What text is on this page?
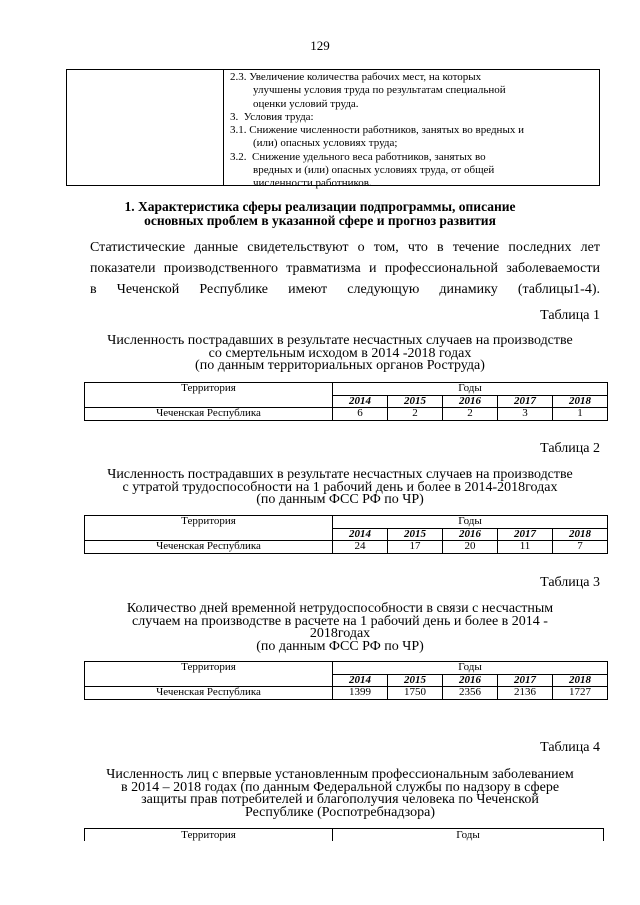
129
2.3. Увеличение количества рабочих мест, на которых
улучшены условия труда по результатам специальной
оценки условий труда.
3. Условия труда:
3.1. Снижение численности работников, занятых во вредных и
(или) опасных условиях труда;
3.2. Снижение удельного веса работников, занятых во
вредных и (или) опасных условиях труда, от общей
численности работников.
1. Характеристика сферы реализации подпрограммы, описание
основных проблем в указанной сфере и прогноз развития
Статистические данные свидетельствуют о том, что в течение последних лет
показатели производственного травматизма и профессиональной заболеваемости
в Чеченской Республике имеют следующую динамику (таблицы1-4).
Таблица 1
Численность пострадавших в результате несчастных случаев на производстве
со смертельным исходом в 2014 -2018 годах
(по данным территориальных органов Роструда)
Территория	Годы				
	2014	2015	2016	2017	2018
Чеченская Республика	6	2	2	3	1
Таблица 2
Численность пострадавших в результате несчастных случаев на производстве
с утратой трудоспособности на 1 рабочий день и более в 2014-2018годах
(по данным ФСС РФ по ЧР)
Территория	Годы				
	2014	2015	2016	2017	2018
Чеченская Республика	24	17	20	11	7
Таблица 3
Количество дней временной нетрудоспособности в связи с несчастным
случаем на производстве в расчете на 1 рабочий день и более в 2014 -
2018годах
(по данным ФСС РФ по ЧР)
Территория	Годы				
	2014	2015	2016	2017	2018
Чеченская Республика	1399	1750	2356	2136	1727
Таблица 4
Численность лиц с впервые установленным профессиональным заболеванием
в 2014 – 2018 годах (по данным Федеральной службы по надзору в сфере
защиты прав потребителей и благополучия человека по Чеченской
Республике (Роспотребнадзора)
Территория	Годы
